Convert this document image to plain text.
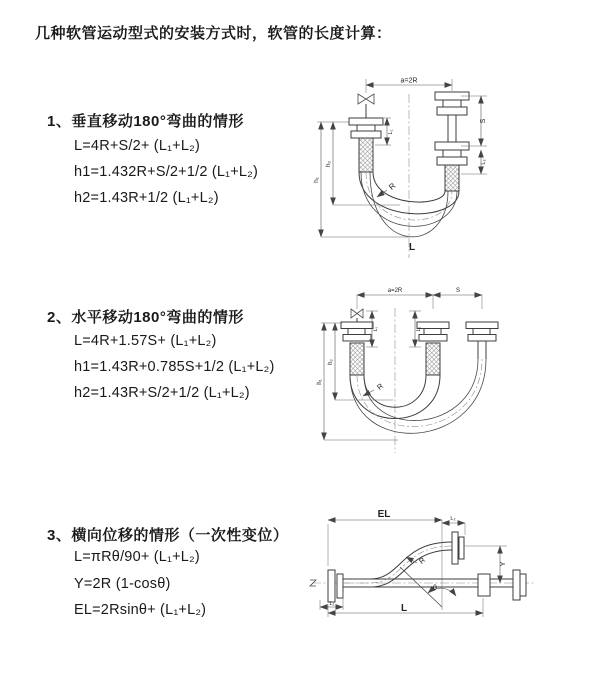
几种软管运动型式的安装方式时，软管的长度计算：
1、垂直移动180°弯曲的情形
L=4R+S/2+ (L₁+L₂)
h1=1.432R+S/2+1/2 (L₁+L₂)
h2=1.43R+1/2 (L₁+L₂)
2、水平移动180°弯曲的情形
L=4R+1.57S+ (L₁+L₂)
h1=1.43R+0.785S+1/2 (L₁+L₂)
h2=1.43R+S/2+1/2 (L₁+L₂)
3、横向位移的情形（一次性变位）
L=πRθ/90+ (L₁+L₂)
Y=2R (1-cosθ)
EL=2Rsinθ+ (L₁+L₂)
a=2R
h₁
h₂
L₁
S
L₂
R
L
a=2R	S
h₁
h₂
L₁	L₂
R
EL	L₂
Y
θ
R
L₁	L
